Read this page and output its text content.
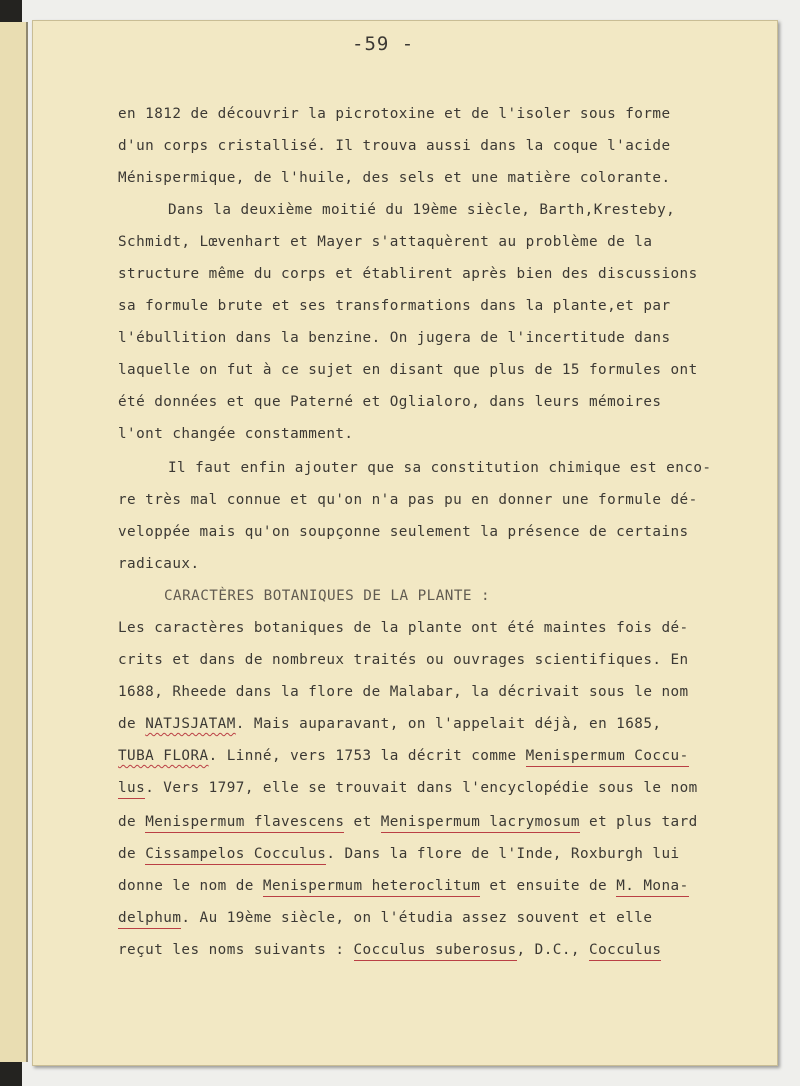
-59 -
en 1812 de découvrir la picrotoxine et de l'isoler sous forme
d'un corps cristallisé. Il trouva aussi dans la coque l'acide
Ménispermique, de l'huile, des sels et une matière colorante.
Dans la deuxième moitié du 19ème siècle, Barth,Kresteby,
Schmidt, Lœvenhart et Mayer s'attaquèrent au problème de la
structure même du corps et établirent après bien des discussions
sa formule brute et ses transformations dans la plante,et par
l'ébullition dans la benzine. On jugera de l'incertitude dans
laquelle on fut à ce sujet en disant que plus de 15 formules ont
été données et que Paterné et Oglialoro, dans leurs mémoires
l'ont changée constamment.
Il faut enfin ajouter que sa constitution chimique est enco-
re très mal connue et qu'on n'a pas pu en donner une formule dé-
veloppée mais qu'on soupçonne seulement la présence de certains
radicaux.
CARACTÈRES BOTANIQUES DE LA PLANTE :
Les caractères botaniques de la plante ont été maintes fois dé-
crits et dans de nombreux traités ou ouvrages scientifiques. En
1688, Rheede dans la flore de Malabar, la décrivait sous le nom
de NATJSJATAM. Mais auparavant, on l'appelait déjà, en 1685,
TUBA FLORA. Linné, vers 1753 la décrit comme Menispermum Coccu-
lus. Vers 1797, elle se trouvait dans l'encyclopédie sous le nom
de Menispermum flavescens et Menispermum lacrymosum et plus tard
de Cissampelos Cocculus. Dans la flore de l'Inde, Roxburgh lui
donne le nom de Menispermum heteroclitum et ensuite de M. Mona-
delphum. Au 19ème siècle, on l'étudia assez souvent et elle
reçut les noms suivants : Cocculus suberosus, D.C., Cocculus
